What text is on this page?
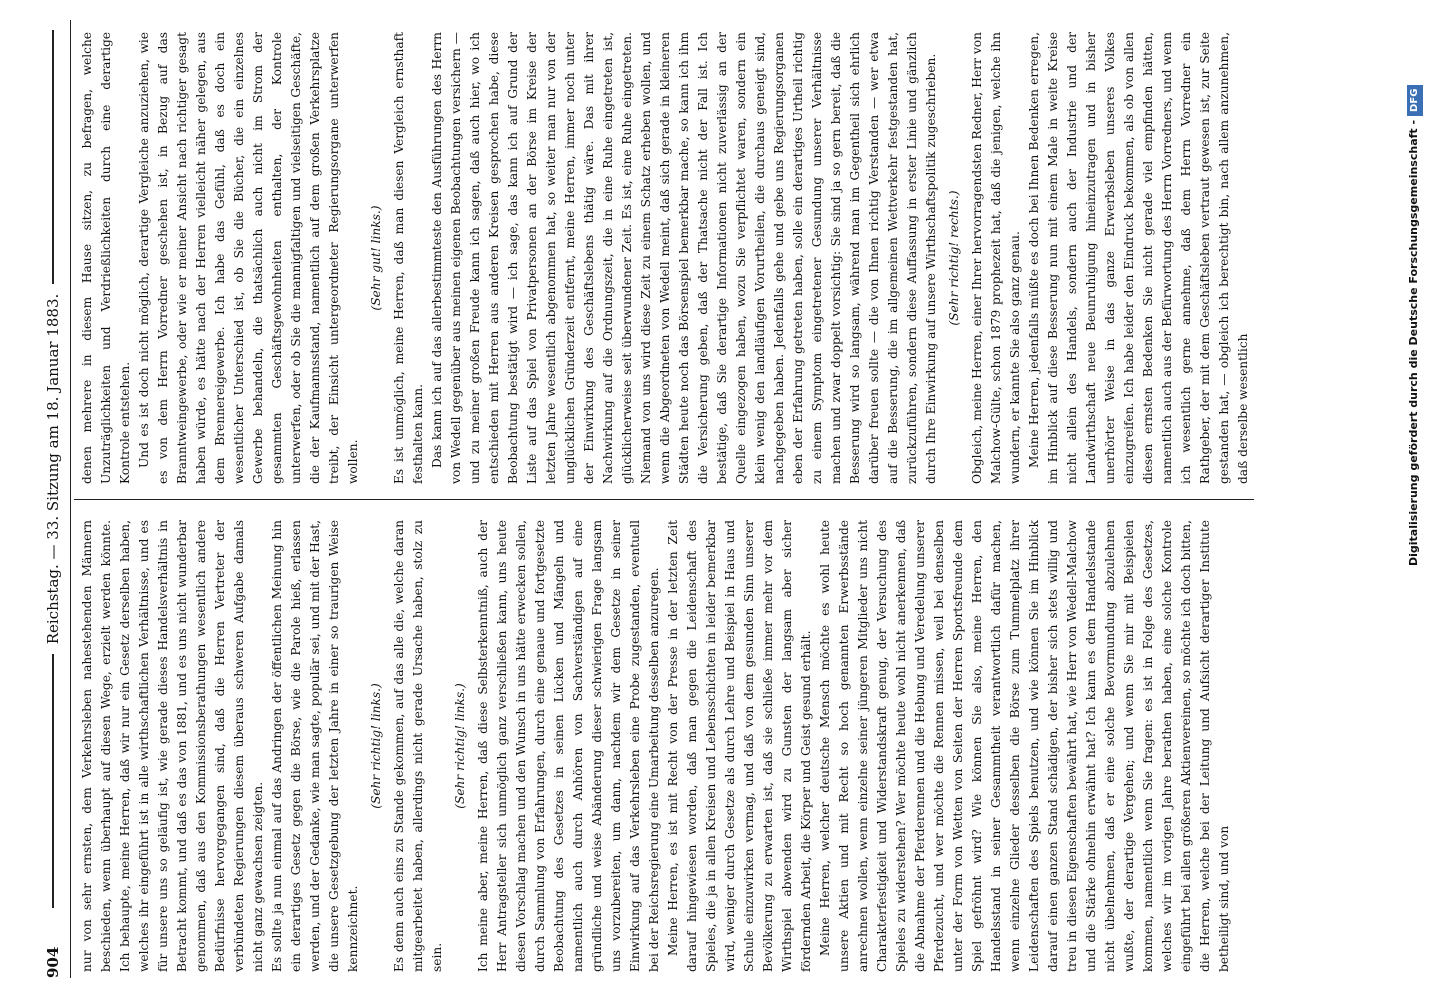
904
Reichstag. — 33. Sitzung am 18. Januar 1883.

nur von sehr ernsten, dem Verkehrsleben nahestehenden Männern beschieden, wenn überhaupt auf diesen Wege, erzielt werden könnte. Ich behaupte, meine Herren, daß wir nur ein Gesetz derselben haben, welches ihr eingeführt ist in alle wirthschaftlichen Verhältnisse, und es für unsere uns so geläufig ist, wie gerade dieses Handelsverhältnis in Betracht kommt, und daß es das von 1881, und es uns nicht wunderbar genommen, daß aus den Kommissionsberathungen wesentlich andere Bedürfnisse hervorgegangen sind, daß die Herren Vertreter der verbündeten Regierungen diesem überaus schweren Aufgabe damals nicht ganz gewachsen zeigten. Es sollte ja nun einmal auf das Andringen der öffentlichen Meinung hin ein derartiges Gesetz gegen die Börse, wie die Parole hieß, erlassen werden, und der Gedanke, wie man sagte, populär sei, und mit der Hast, die unsere Gesetzgebung der letzten Jahre in einer so traurigen Weise kennzeichnet.

(Sehr richtig! links.) Es denn auch eins zu Stande gekommen, auf das alle die, welche daran mitgearbeitet haben, allerdings nicht gerade Ursache haben, stolz zu sein.

(Sehr richtig! links.) Ich meine aber, meine Herren, daß diese Selbsterkenntniß, auch der Herr Antragsteller sich unmöglich ganz verschließen kann, uns heute diesen Vorschlag machen und den Wunsch in uns hätte erwecken sollen, durch Sammlung von Erfahrungen, durch eine genaue und fortgesetzte Beobachtung des Gesetzes in seinen Lücken und Mängeln und namentlich auch durch Anhören von Sachverständigen auf eine gründliche und weise Abänderung dieser schwierigen Frage langsam uns vorzubereiten, um dann, nachdem wir dem Gesetze in seiner Einwirkung auf das Verkehrsleben eine Probe zugestanden, eventuell bei der Reichsregierung eine Umarbeitung desselben anzuregen. Meine Herren, es ist mit Recht von der Presse in der letzten Zeit darauf hingewiesen worden, daß man gegen die Leidenschaft des Spieles, die ja in allen Kreisen und Lebensschichten in leider bemerkbar wird, weniger durch Gesetze als durch Lehre und Beispiel in Haus und Schule einzuwirken vermag, und daß von dem gesunden Sinn unserer Bevölkerung zu erwarten ist, daß sie schließe immer mehr vor dem Wirthspiel abwenden wird zu Gunsten der langsam aber sicher fördernden Arbeit, die Körper und Geist gesund erhält. Meine Herren, welcher deutsche Mensch möchte es wohl heute unsere Aktien und mit Recht so hoch genannten Erwerbsstände anrechnen wollen, wenn einzelne seiner jüngeren Mitglieder uns nicht Charakterfestigkeit und Widerstandskraft genug, der Versuchung des Spieles zu widerstehen? Wer möchte heute wohl nicht anerkennen, daß die Abnahme der Pferderennen und die Hebung und Veredelung unserer Pferdezucht, und wer möchte die Rennen missen, weil bei denselben unter der Form von Wetten von Seiten der Herren Sportsfreunde dem Spiel gefröhnt wird? Wie können Sie also, meine Herren, den Handelsstand in seiner Gesammtheit verantwortlich dafür machen, wenn einzelne Glieder desselben die Börse zum Tummelplatz ihrer Leidenschaften des Spiels benutzen, und wie können Sie im Hinblick darauf einen ganzen Stand schädigen, der bisher sich stets willig und treu in diesen Eigenschaften bewährt hat, wie Herr von Wedell-Malchow und die Stärke ohnehin erwähnt hat? Ich kann es dem Handelsstande nicht übelnehmen, daß er eine solche Bevormundung abzulehnen wußte, der derartige Vergehen; und wenn Sie mir mit Beispielen kommen, namentlich wenn Sie fragen: es ist in Folge des Gesetzes, welches wir im vorigen Jahre berathen haben, eine solche Kontrole eingeführt bei allen größeren Aktienvereinen, so möchte ich doch bitten, die Herren, welche bei der Leitung und Aufsicht derartiger Institute betheiligt sind, und von

denen mehrere in diesem Hause sitzen, zu befragen, welche Unzuträglichkeiten und Verdrießlichkeiten durch eine derartige Kontrole entstehen. Und es ist doch nicht möglich, derartige Vergleiche anzuziehen, wie es von dem Herrn Vorredner geschehen ist, in Bezug auf das Branntweingewerbe, oder wie er meiner Ansicht nach richtiger gesagt haben würde, es hätte nach der Herren vielleicht näher gelegen, aus dem Brennereigewerbe. Ich habe das Gefühl, daß es doch ein wesentlicher Unterschied ist, ob Sie die Bücher, die ein einzelnes Gewerbe behandeln, die thatsächlich auch nicht im Strom der gesammten Geschäftsgewohnheiten enthalten, der Kontrole unterwerfen, oder ob Sie die mannigfaltigen und vielseitigen Geschäfte, die der Kaufmannsstand, namentlich auf dem großen Verkehrsplatze treibt, der Einsicht untergeordneter Regierungsorgane unterwerfen wollen.

(Sehr gut! links.) Es ist unmöglich, meine Herren, daß man diesen Vergleich ernsthaft festhalten kann. Das kann ich auf das allerbestimmteste den Ausführungen des Herrn von Wedell gegenüber aus meinen eigenen Beobachtungen versichern — und zu meiner großen Freude kann ich sagen, daß auch hier, wo ich entschieden mit Herren aus anderen Kreisen gesprochen habe, diese Beobachtung bestätigt wird — ich sage, das kann ich auf Grund der Liste auf das Spiel von Privatpersonen an der Börse im Kreise der letzten Jahre wesentlich abgenommen hat, so weiter man nur von der unglücklichen Gründerzeit entfernt, meine Herren, immer noch unter der Einwirkung des Geschäftslebens thätig wäre. Das mit ihrer Nachwirkung auf die Ordnungszeit, die in eine Ruhe eingetreten ist, glücklicherweise seit überwundener Zeit. Es ist, eine Ruhe eingetreten. Niemand von uns wird diese Zeit zu einem Schatz erheben wollen, und wenn die Abgeordneten von Wedell meint, daß sich gerade in kleineren Städten heute noch das Börsenspiel bemerkbar mache, so kann ich ihm die Versicherung geben, daß der Thatsache nicht der Fall ist. Ich bestätige, daß Sie derartige Informationen nicht zuverlässig an der Quelle eingezogen haben, wozu Sie verpflichtet waren, sondern ein klein wenig den landläufigen Vorurtheilen, die durchaus geneigt sind, nachgegeben haben. Jedenfalls gehe und gebe uns Regierungsorganen eben der Erfahrung getreten haben, solle ein derartiges Urtheil richtig zu einem Symptom eingetretener Gesundung unserer Verhältnisse machen und zwar doppelt vorsichtig: Sie sind ja so gern bereit, daß die Besserung wird so langsam, während man im Gegentheil sich ehrlich darüber freuen sollte — die von Ihnen richtig Verstanden — wer etwa auf die Besserung, die im allgemeinen Wettverkehr festgestanden hat, zurückzuführen, sondern diese Auffassung in erster Linie und gänzlich durch Ihre Einwirkung auf unsere Wirthschaftspolitik zugeschrieben. (Sehr richtig! rechts.) Obgleich, meine Herren, einer Ihrer hervorragendsten Redner, Herr von Malchow-Gülte, schon 1879 prophezeit hat, daß die jenigen, welche ihn wundern, er kannte Sie also ganz genau. Meine Herren, jedenfalls müßte es doch bei Ihnen Bedenken erregen, im Hinblick auf diese Besserung nun mit einem Male in weite Kreise nicht allein des Handels, sondern auch der Industrie und der Landwirthschaft neue Beunruhigung hineinzutragen und in bisher unerhörter Weise in das ganze Erwerbsleben unseres Volkes einzugreifen. Ich habe leider den Eindruck bekommen, als ob von allen diesen ernsten Bedenken Sie nicht gerade viel empfinden hätten, namentlich auch aus der Befürwortung des Herrn Vorredners, und wenn ich wesentlich gerne annehme, daß dem Herrn Vorredner ein Rathgeber, der mit dem Geschäftsleben vertraut gewesen ist, zur Seite gestanden hat, — obgleich ich berechtigt bin, nach allem anzunehmen, daß derselbe wesentlich	Digitalisierung gefördert durch die Deutsche Forschungsgemeinschaft -DFG
